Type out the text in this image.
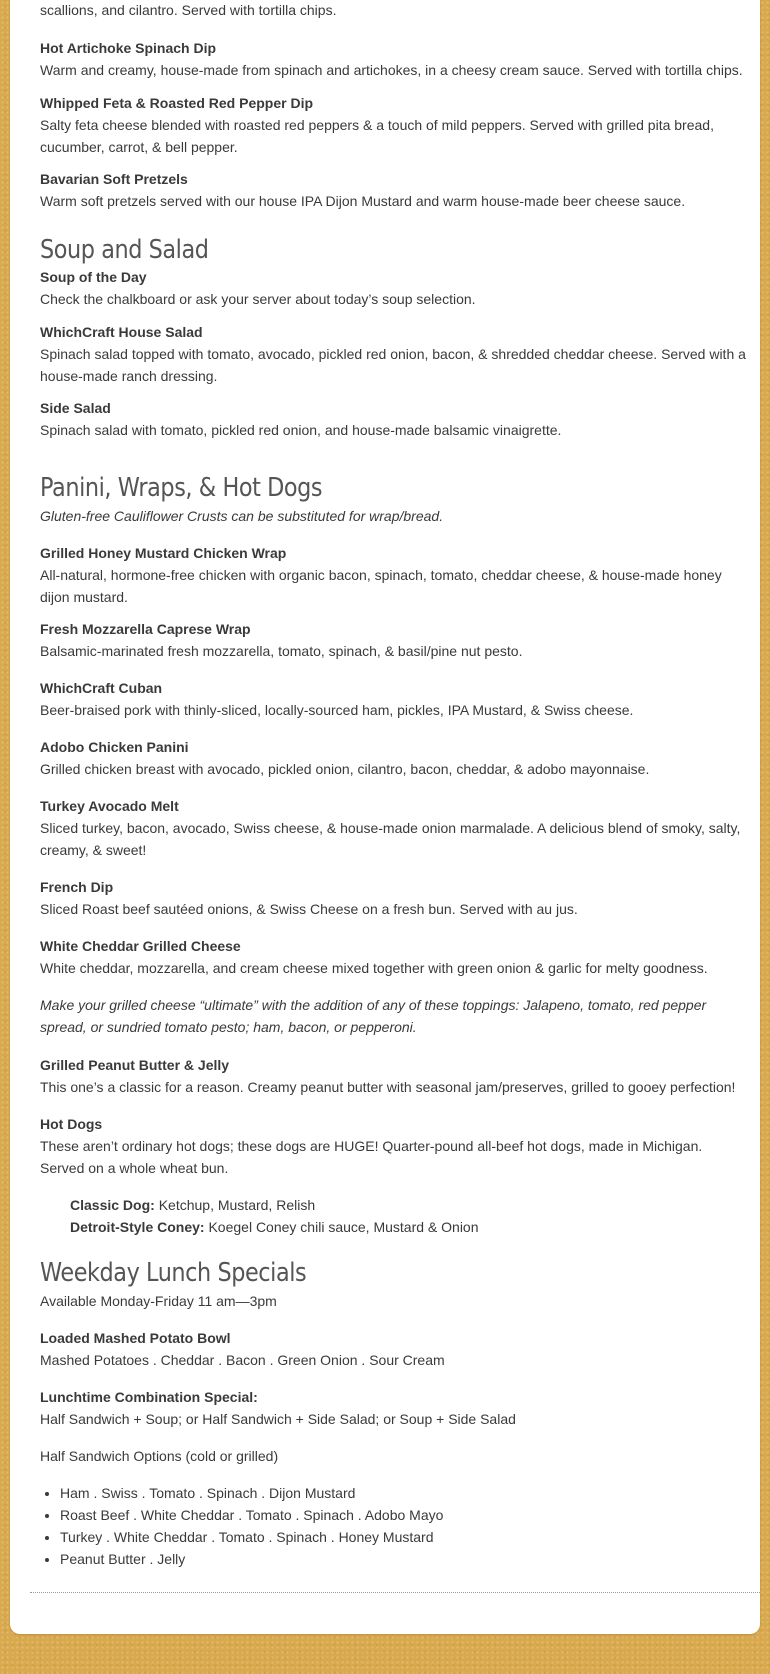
scallions, and cilantro. Served with tortilla chips.

Hot Artichoke Spinach Dip
Warm and creamy, house-made from spinach and artichokes, in a cheesy cream sauce. Served with tortilla chips.
Whipped Feta & Roasted Red Pepper Dip
Salty feta cheese blended with roasted red peppers & a touch of mild peppers. Served with grilled pita bread, cucumber, carrot, & bell pepper.
Bavarian Soft Pretzels
Warm soft pretzels served with our house IPA Dijon Mustard and warm house-made beer cheese sauce.
Soup and Salad
Soup of the Day
Check the chalkboard or ask your server about today’s soup selection.
WhichCraft House Salad
Spinach salad topped with tomato, avocado, pickled red onion, bacon, & shredded cheddar cheese. Served with a house-made ranch dressing.
Side Salad
Spinach salad with tomato, pickled red onion, and house-made balsamic vinaigrette.
Panini, Wraps, & Hot Dogs

Gluten-free Cauliflower Crusts can be substituted for wrap/bread.

Grilled Honey Mustard Chicken Wrap
All-natural, hormone-free chicken with organic bacon, spinach, tomato, cheddar cheese, & house-made honey dijon mustard.
Fresh Mozzarella Caprese Wrap
Balsamic-marinated fresh mozzarella, tomato, spinach, & basil/pine nut pesto.
WhichCraft Cuban
Beer-braised pork with thinly-sliced, locally-sourced ham, pickles, IPA Mustard, & Swiss cheese.
Adobo Chicken Panini
Grilled chicken breast with avocado, pickled onion, cilantro, bacon, cheddar, & adobo mayonnaise.
Turkey Avocado Melt
Sliced turkey, bacon, avocado, Swiss cheese, & house-made onion marmalade. A delicious blend of smoky, salty, creamy, & sweet!
French Dip
Sliced Roast beef sautéed onions, & Swiss Cheese on a fresh bun. Served with au jus.
White Cheddar Grilled Cheese
White cheddar, mozzarella, and cream cheese mixed together with green onion & garlic for melty goodness.

Make your grilled cheese “ultimate” with the addition of any of these toppings: Jalapeno, tomato, red pepper spread, or sundried tomato pesto; ham, bacon, or pepperoni.

Grilled Peanut Butter & Jelly
This one’s a classic for a reason. Creamy peanut butter with seasonal jam/preserves, grilled to gooey perfection!
Hot Dogs
These aren’t ordinary hot dogs; these dogs are HUGE! Quarter-pound all-beef hot dogs, made in Michigan. Served on a whole wheat bun.
Classic Dog: Ketchup, Mustard, Relish
Detroit-Style Coney: Koegel Coney chili sauce, Mustard & Onion
Weekday Lunch Specials

Available Monday-Friday 11 am—3pm

Loaded Mashed Potato Bowl
Mashed Potatoes . Cheddar . Bacon . Green Onion . Sour Cream
Lunchtime Combination Special:
Half Sandwich + Soup; or Half Sandwich + Side Salad; or Soup + Side Salad

Half Sandwich Options (cold or grilled)

• Ham . Swiss . Tomato . Spinach . Dijon Mustard
• Roast Beef . White Cheddar . Tomato . Spinach . Adobo Mayo
• Turkey . White Cheddar . Tomato . Spinach . Honey Mustard
• Peanut Butter . Jelly
